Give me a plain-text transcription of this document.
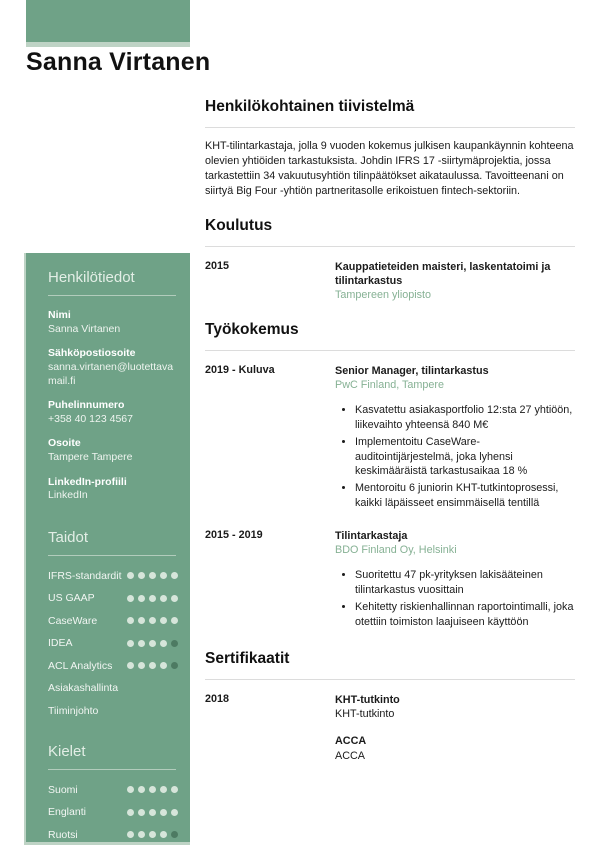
Sanna Virtanen
Henkilötiedot
Nimi
Sanna Virtanen
Sähköpostiosoite
sanna.virtanen@luotettavamail.fi
Puhelinnumero
+358 40 123 4567
Osoite
Tampere Tampere
LinkedIn-profiili
LinkedIn
Taidot
IFRS-standardit
US GAAP
CaseWare
IDEA
ACL Analytics
Asiakashallinta
Tiiminjohto
Kielet
Suomi
Englanti
Ruotsi
Henkilökohtainen tiivistelmä

KHT-tilintarkastaja, jolla 9 vuoden kokemus julkisen kaupankäynnin kohteena olevien yhtiöiden tarkastuksista. Johdin IFRS 17 -siirtymäprojektia, jossa tarkastettiin 34 vakuutusyhtiön tilinpäätökset aikataulussa. Tavoitteenani on siirtyä Big Four -yhtiön partneritasolle erikoistuen fintech-sektoriin.

Koulutus
2015	Kauppatieteiden maisteri, laskentatoimi ja tilintarkastus
Tampereen yliopisto
Työkokemus
2019 - Kuluva	Senior Manager, tilintarkastus
PwC Finland, Tampere
• Kasvatettu asiakasportfolio 12:sta 27 yhtiöön, liikevaihto yhteensä 840 M€
• Implementoitu CaseWare-auditointijärjestelmä, joka lyhensi keskimääräistä tarkastusaikaa 18 %
• Mentoroitu 6 juniorin KHT-tutkintoprosessi, kaikki läpäisseet ensimmäisellä tentillä
2015 - 2019	Tilintarkastaja
BDO Finland Oy, Helsinki
• Suoritettu 47 pk-yrityksen lakisääteinen tilintarkastus vuosittain
• Kehitetty riskienhallinnan raportointimalli, joka otettiin toimiston laajuiseen käyttöön
Sertifikaatit
2018	KHT-tutkinto
KHT-tutkinto
ACCA
ACCA
